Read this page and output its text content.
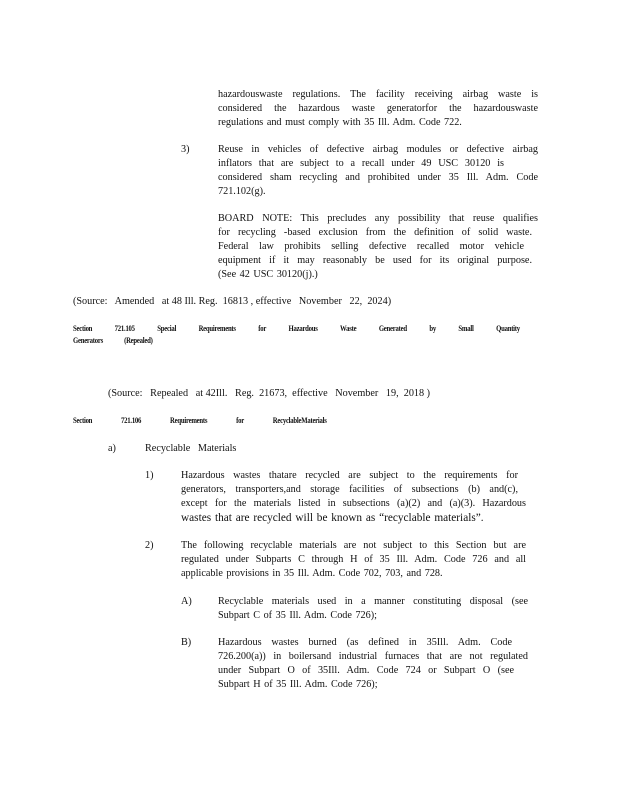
hazardouswaste regulations. The facility receiving airbag waste is
considered the hazardous waste generatorfor the hazardouswaste
regulations and must comply with 35 Ill. Adm. Code 722.
3)	Reuse in vehicles of defective airbag modules or defective airbag
inflators that are subject to a recall under 49 USC 30120 is
considered sham recycling and prohibited under 35 Ill. Adm. Code
721.102(g).
BOARD NOTE: This precludes any possibility that reuse qualifies
for recycling -based exclusion from the definition of solid waste.
Federal law prohibits selling defective recalled motor vehicle
equipment if it may reasonably be used for its original purpose.
(See 42 USC 30120(j).)
(Source:   Amended   at 48 Ill. Reg.  16813 , effective   November   22,  2024)
Section 721.105 Special Requirements for Hazardous Waste Generated by Small Quantity
Generators (Repealed)
(Source:   Repealed   at 42Ill.   Reg.  21673,  effective   November   19,  2018 )
Section   721.106   Requirements   for   RecyclableMaterials
a)	Recyclable   Materials
1)	Hazardous wastes thatare recycled are subject to the requirements for
generators, transporters,and storage facilities of subsections (b) and(c),
except for the materials listed in subsections (a)(2) and (a)(3). Hazardous
wastes that are recycled will be known as “recyclable materials”.
2)	The following recyclable materials are not subject to this Section but are
regulated under Subparts C through H of 35 Ill. Adm. Code 726 and all
applicable provisions in 35 Ill. Adm. Code 702, 703, and 728.
A)	Recyclable materials used in a manner constituting disposal (see
Subpart C of 35 Ill. Adm. Code 726);
B)	Hazardous wastes burned (as defined in 35Ill. Adm. Code
726.200(a)) in boilersand industrial furnaces that are not regulated
under Subpart O of 35Ill. Adm. Code 724 or Subpart O (see
Subpart H of 35 Ill. Adm. Code 726);
